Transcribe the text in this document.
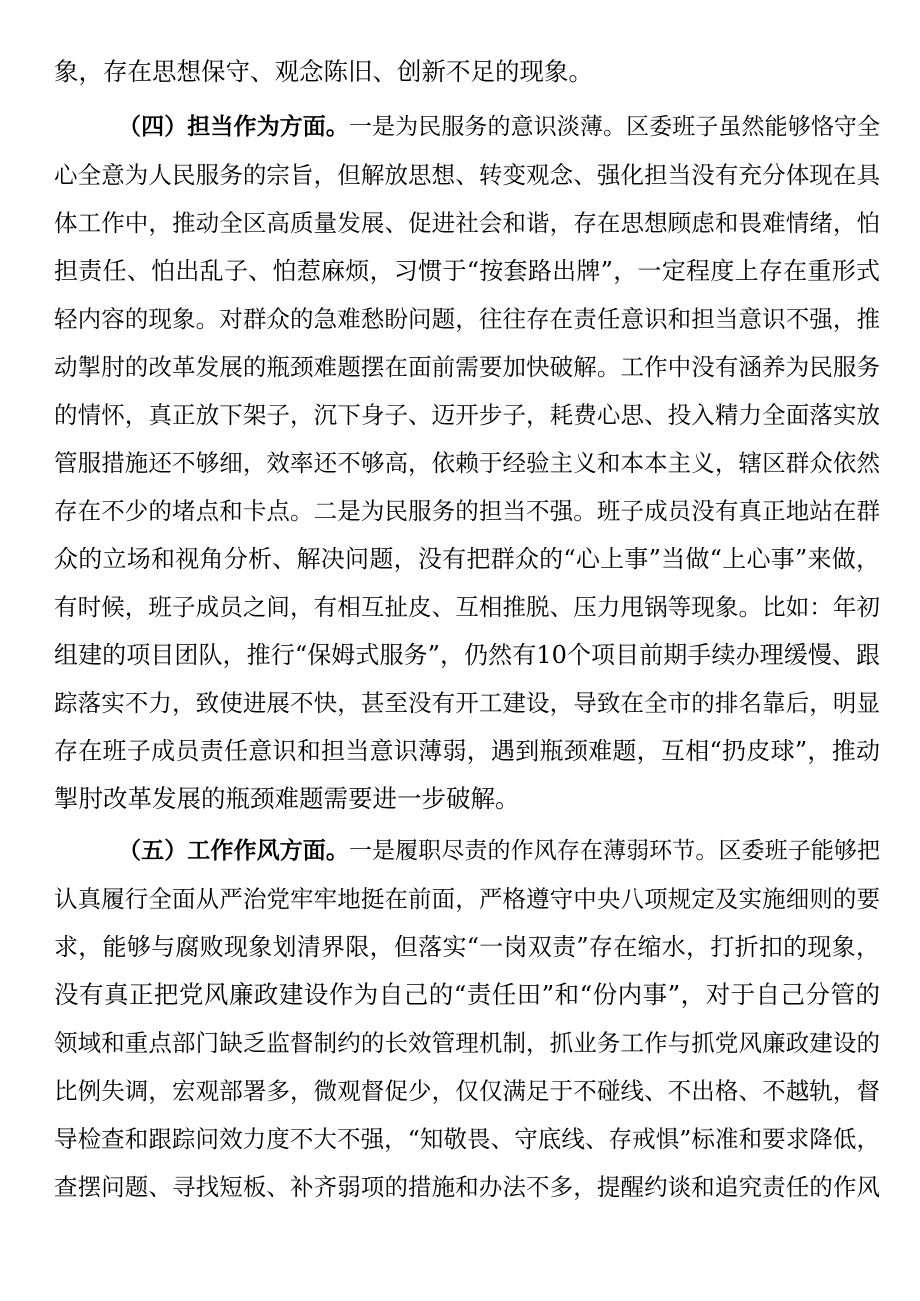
象，存在思想保守、观念陈旧、创新不足的现象。
（四）担当作为方面。一是为民服务的意识淡薄。区委班子虽然能够恪守全
心全意为人民服务的宗旨，但解放思想、转变观念、强化担当没有充分体现在具
体工作中，推动全区高质量发展、促进社会和谐，存在思想顾虑和畏难情绪，怕
担责任、怕出乱子、怕惹麻烦，习惯于“按套路出牌”，一定程度上存在重形式
轻内容的现象。对群众的急难愁盼问题，往往存在责任意识和担当意识不强，推
动掣肘的改革发展的瓶颈难题摆在面前需要加快破解。工作中没有涵养为民服务
的情怀，真正放下架子，沉下身子、迈开步子，耗费心思、投入精力全面落实放
管服措施还不够细，效率还不够高，依赖于经验主义和本本主义，辖区群众依然
存在不少的堵点和卡点。二是为民服务的担当不强。班子成员没有真正地站在群
众的立场和视角分析、解决问题，没有把群众的“心上事”当做“上心事”来做，
有时候，班子成员之间，有相互扯皮、互相推脱、压力甩锅等现象。比如：年初
组建的项目团队，推行“保姆式服务”，仍然有10个项目前期手续办理缓慢、跟
踪落实不力，致使进展不快，甚至没有开工建设，导致在全市的排名靠后，明显
存在班子成员责任意识和担当意识薄弱，遇到瓶颈难题，互相“扔皮球”，推动
掣肘改革发展的瓶颈难题需要进一步破解。
（五）工作作风方面。一是履职尽责的作风存在薄弱环节。区委班子能够把
认真履行全面从严治党牢牢地挺在前面，严格遵守中央八项规定及实施细则的要
求，能够与腐败现象划清界限，但落实“一岗双责”存在缩水，打折扣的现象，
没有真正把党风廉政建设作为自己的“责任田”和“份内事”，对于自己分管的
领域和重点部门缺乏监督制约的长效管理机制，抓业务工作与抓党风廉政建设的
比例失调，宏观部署多，微观督促少，仅仅满足于不碰线、不出格、不越轨，督
导检查和跟踪问效力度不大不强，“知敬畏、守底线、存戒惧”标准和要求降低，
查摆问题、寻找短板、补齐弱项的措施和办法不多，提醒约谈和追究责任的作风
